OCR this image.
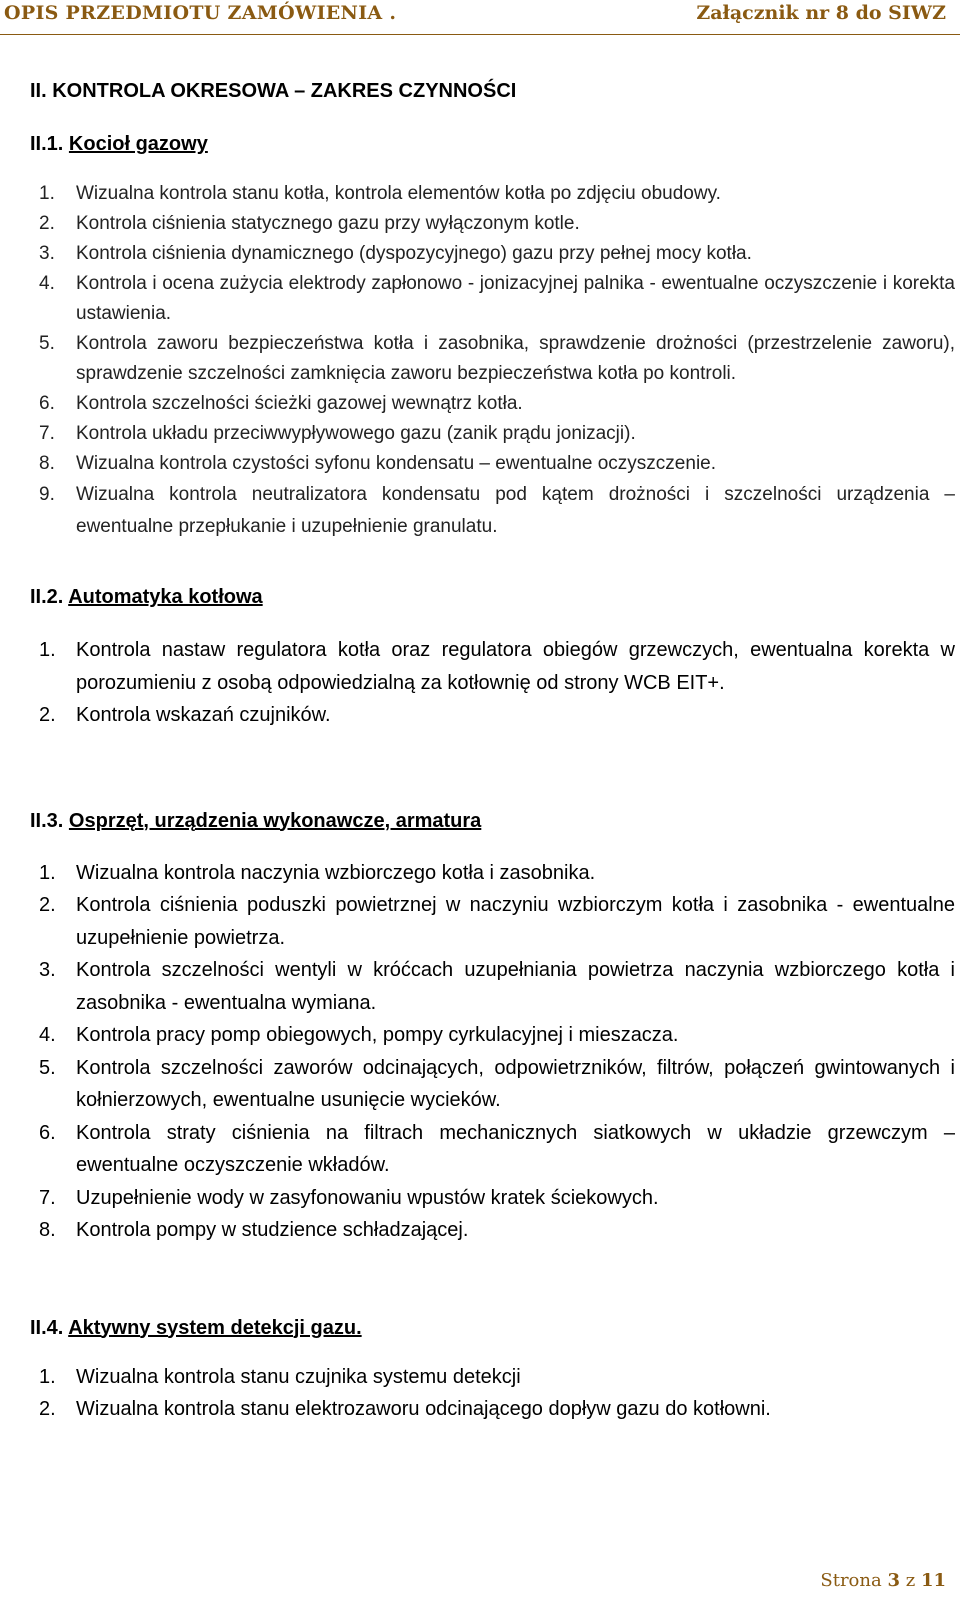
OPIS PRZEDMIOTU ZAMÓWIENIA .	Załącznik nr 8 do SIWZ

II. KONTROLA OKRESOWA – ZAKRES CZYNNOŚCI

II.1. Kocioł gazowy

1. Wizualna kontrola stanu kotła, kontrola elementów kotła po zdjęciu obudowy.
2. Kontrola ciśnienia statycznego gazu przy wyłączonym kotle.
3. Kontrola ciśnienia dynamicznego (dyspozycyjnego) gazu przy pełnej mocy kotła.
4. Kontrola i ocena zużycia elektrody zapłonowo - jonizacyjnej palnika - ewentualne oczyszczenie i korekta ustawienia.
5. Kontrola zaworu bezpieczeństwa kotła i zasobnika, sprawdzenie drożności (przestrzelenie zaworu), sprawdzenie szczelności zamknięcia zaworu bezpieczeństwa kotła po kontroli.
6. Kontrola szczelności ścieżki gazowej wewnątrz kotła.
7. Kontrola układu przeciwwypływowego gazu (zanik prądu jonizacji).
8. Wizualna kontrola czystości syfonu kondensatu – ewentualne oczyszczenie.
9. Wizualna kontrola neutralizatora kondensatu pod kątem drożności i szczelności urządzenia – ewentualne przepłukanie i uzupełnienie granulatu.

II.2. Automatyka kotłowa

1. Kontrola nastaw regulatora kotła oraz regulatora obiegów grzewczych, ewentualna korekta w porozumieniu z osobą odpowiedzialną za kotłownię od strony WCB EIT+.
2. Kontrola wskazań czujników.

II.3. Osprzęt, urządzenia wykonawcze, armatura

1. Wizualna kontrola naczynia wzbiorczego kotła i zasobnika.
2. Kontrola ciśnienia poduszki powietrznej w naczyniu wzbiorczym kotła i zasobnika - ewentualne uzupełnienie powietrza.
3. Kontrola szczelności wentyli w króćcach uzupełniania powietrza naczynia wzbiorczego kotła i zasobnika - ewentualna wymiana.
4. Kontrola pracy pomp obiegowych, pompy cyrkulacyjnej i mieszacza.
5. Kontrola szczelności zaworów odcinających, odpowietrzników, filtrów, połączeń gwintowanych i kołnierzowych, ewentualne usunięcie wycieków.
6. Kontrola straty ciśnienia na filtrach mechanicznych siatkowych w układzie grzewczym – ewentualne oczyszczenie wkładów.
7. Uzupełnienie wody w zasyfonowaniu wpustów kratek ściekowych.
8. Kontrola pompy w studzience schładzającej.

II.4. Aktywny system detekcji gazu.

1. Wizualna kontrola stanu czujnika systemu detekcji
2. Wizualna kontrola stanu elektrozaworu odcinającego dopływ gazu do kotłowni.
Strona 3 z 11
